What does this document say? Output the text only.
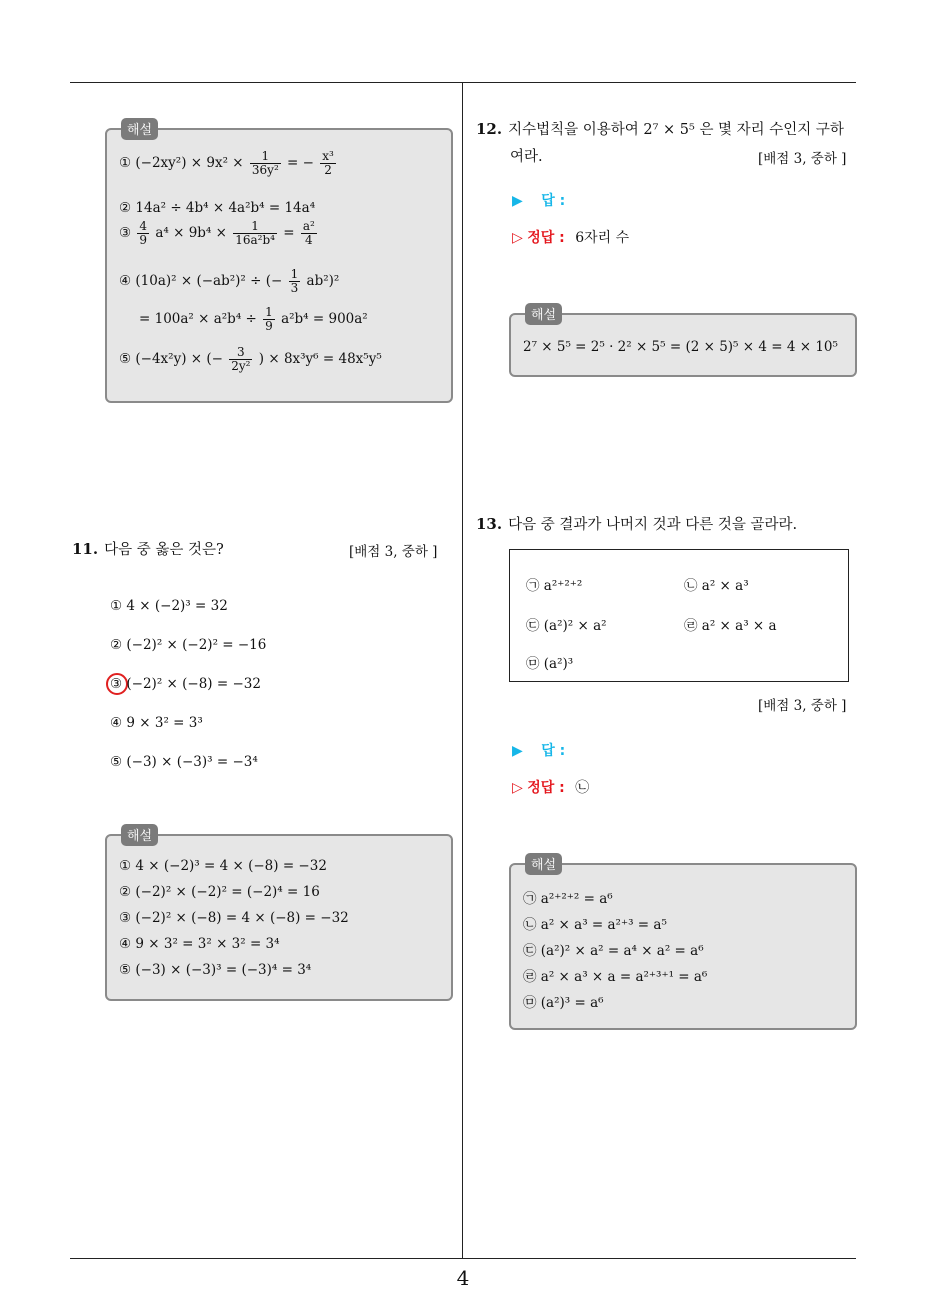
해설
① $(-2xy^2) \times 9x^2 \times \frac{1}{\text{36y²}}$ = − $\frac{\text{x³}}{2}$
② 14a² ÷ 4b⁴ × 4a²b⁴ = 14a⁴
③ $\frac{4}{9} a^4 \times 9b^4 \times \frac{1}{\text{16a²b⁴}} = \frac{\text{a²}}{4}$
④ (10a)² × (−ab²)² ÷ (− $\frac{1}{3} ab^2)^2$
= $100a^2 \times a^2b^4 \div \frac{1}{9} a^2b^4 = 900a^2$
⑤ (−4x²y) × (− $\frac{3}{\text{2y²}}$ ) × 8x³y⁶ = 48x⁵y⁵
11. 다음 중 옳은 것은?	[배점 3, 중하 ]
① 4 × (−2)³ = 32
② (−2)² × (−2)² = −16
③ (−2)² × (−8) = −32
④ 9 × 3² = 3³
⑤ (−3) × (−3)³ = −3⁴
해설
① 4 × (−2)³ = 4 × (−8) = −32
② (−2)² × (−2)² = (−2)⁴ = 16
③ (−2)² × (−8) = 4 × (−8) = −32
④ 9 × 3² = 3² × 3² = 3⁴
⑤ (−3) × (−3)³ = (−3)⁴ = 3⁴
12. 지수법칙을 이용하여 2⁷ × 5⁵ 은 몇 자리 수인지 구하
여라.	[배점 3, 중하 ]
▶ 답 :
▷ 정답 : 6자리 수
해설
2⁷ × 5⁵ = 2⁵ · 2² × 5⁵ = (2 × 5)⁵ × 4 = 4 × 10⁵
13. 다음 중 결과가 나머지 것과 다른 것을 골라라.
㉠ a²⁺²⁺²	㉡ a² × a³
㉢ (a²)² × a²	㉣ a² × a³ × a
㉤ (a²)³
[배점 3, 중하 ]
▶ 답 :
▷ 정답 : ㉡
해설
㉠ a²⁺²⁺² = a⁶
㉡ a² × a³ = a²⁺³ = a⁵
㉢ (a²)² × a² = a⁴ × a² = a⁶
㉣ a² × a³ × a = a²⁺³⁺¹ = a⁶
㉤ (a²)³ = a⁶
4
